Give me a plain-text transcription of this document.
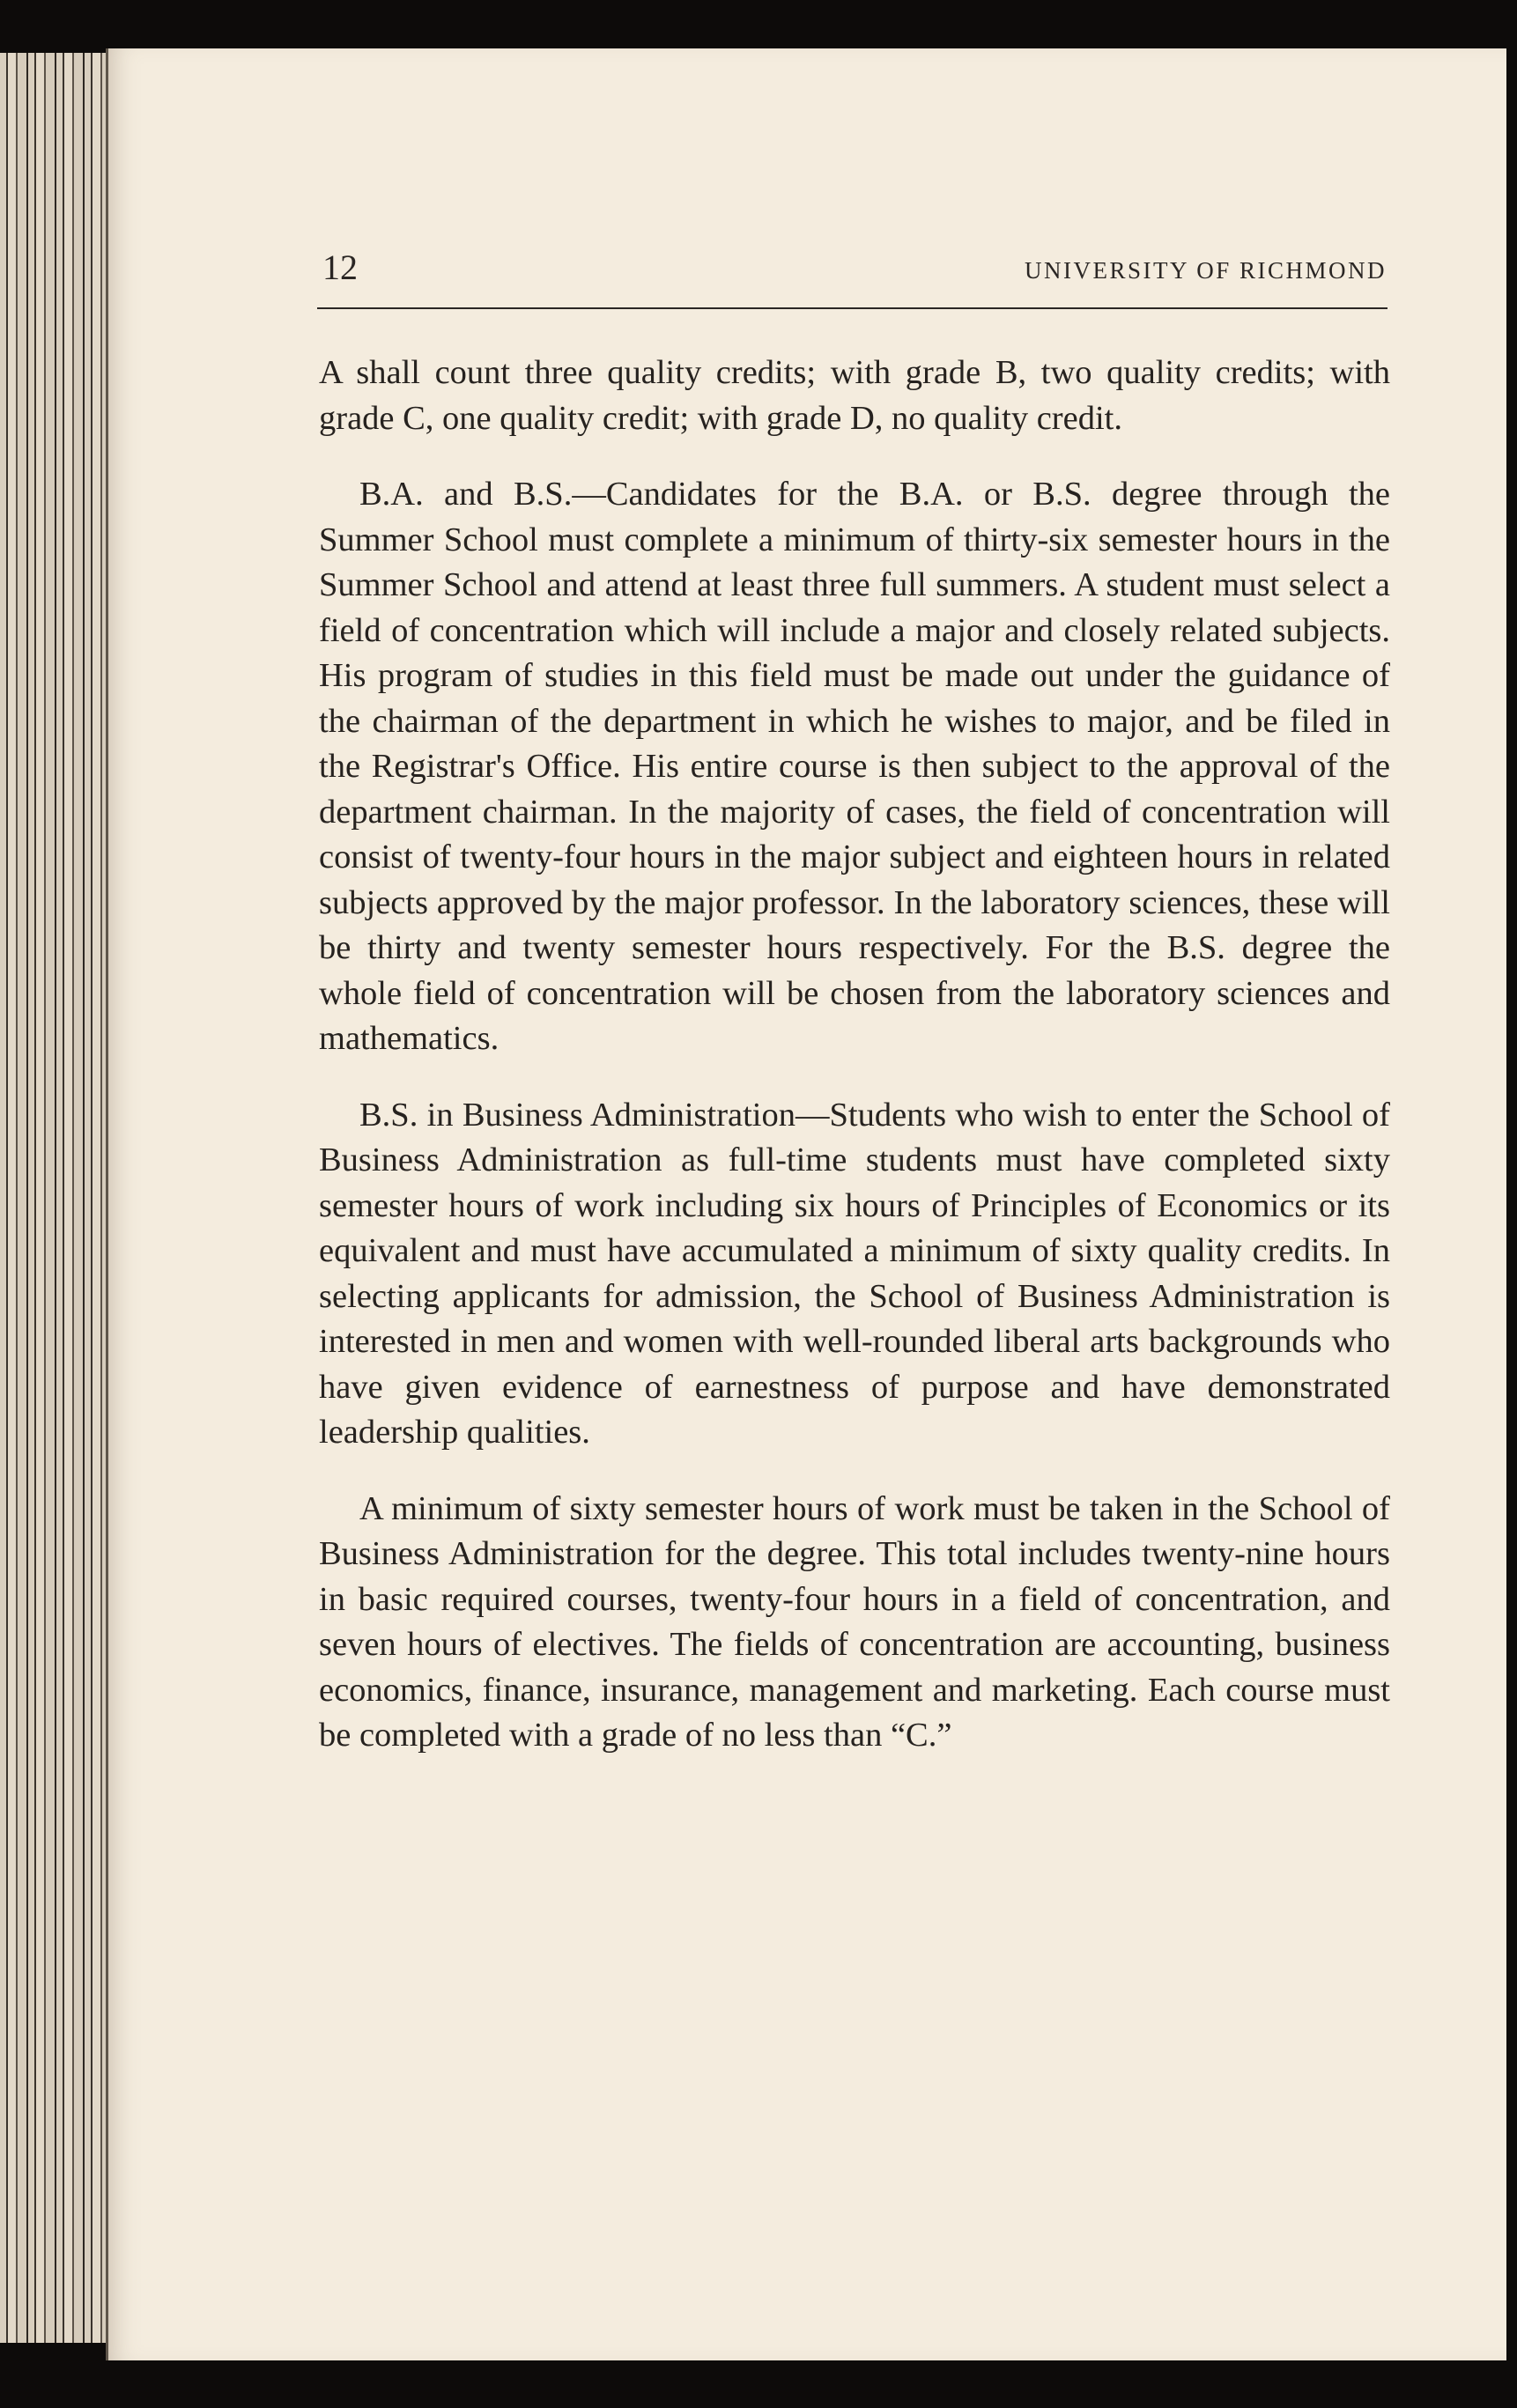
12	UNIVERSITY OF RICHMOND

A shall count three quality credits; with grade B, two quality credits; with grade C, one quality credit; with grade D, no quality credit.

B.A. and B.S.—Candidates for the B.A. or B.S. degree through the Summer School must complete a minimum of thirty-six semester hours in the Summer School and attend at least three full summers. A student must select a field of concentration which will include a major and closely related subjects. His program of studies in this field must be made out under the guidance of the chairman of the department in which he wishes to major, and be filed in the Registrar's Office. His entire course is then subject to the approval of the department chairman. In the majority of cases, the field of concentration will consist of twenty-four hours in the major subject and eighteen hours in related subjects approved by the major professor. In the laboratory sciences, these will be thirty and twenty semester hours respectively. For the B.S. degree the whole field of concentration will be chosen from the laboratory sciences and mathematics.

B.S. in Business Administration—Students who wish to enter the School of Business Administration as full-time students must have completed sixty semester hours of work including six hours of Principles of Economics or its equivalent and must have accumulated a minimum of sixty quality credits. In selecting applicants for admission, the School of Business Administration is interested in men and women with well-rounded liberal arts backgrounds who have given evidence of earnestness of purpose and have demonstrated leadership qualities.

A minimum of sixty semester hours of work must be taken in the School of Business Administration for the degree. This total includes twenty-nine hours in basic required courses, twenty-four hours in a field of concentration, and seven hours of electives. The fields of concentration are accounting, business economics, finance, insurance, management and marketing. Each course must be completed with a grade of no less than “C.”
